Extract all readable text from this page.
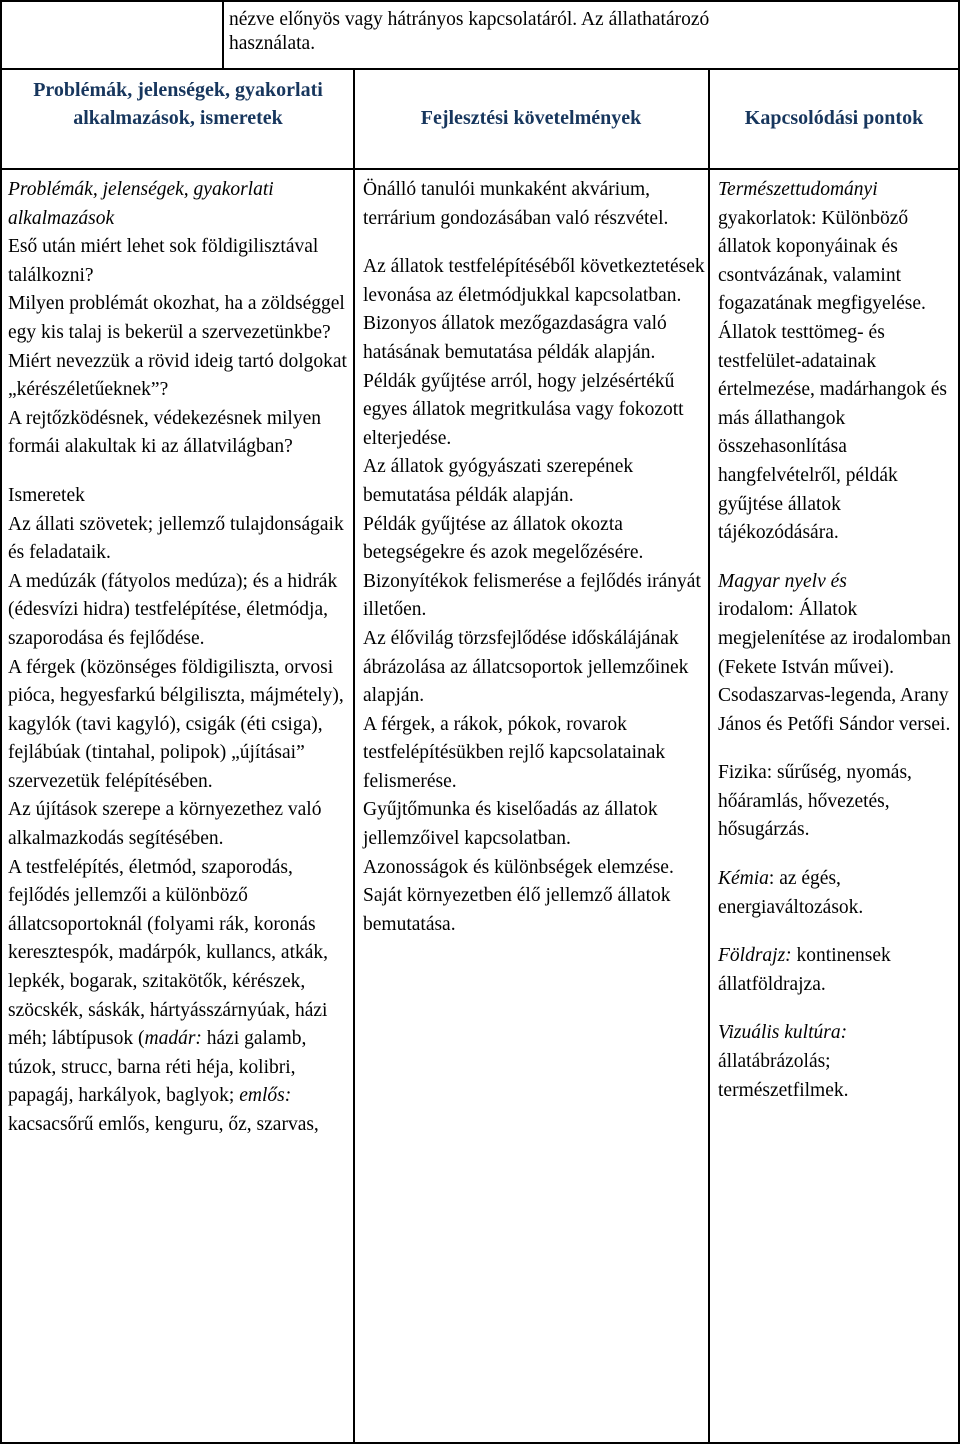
nézve előnyös vagy hátrányos kapcsolatáról. Az állathatározó
használata.
Problémák, jelenségek, gyakorlati alkalmazások, ismeretek	Fejlesztési követelmények	Kapcsolódási pontok

Problémák, jelenségek, gyakorlati alkalmazások

Eső után miért lehet sok földigilisztával találkozni?

Milyen problémát okozhat, ha a zöldséggel egy kis talaj is bekerül a szervezetünkbe?

Miért nevezzük a rövid ideig tartó dolgokat „kérészéletűeknek”?

A rejtőzködésnek, védekezésnek milyen formái alakultak ki az állatvilágban?

Ismeretek

Az állati szövetek; jellemző tulajdonságaik és feladataik.

A medúzák (fátyolos medúza); és a hidrák (édesvízi hidra) testfelépítése, életmódja, szaporodása és fejlődése.

A férgek (közönséges földigiliszta, orvosi pióca, hegyesfarkú bélgiliszta, májmétely), kagylók (tavi kagyló), csigák (éti csiga), fejlábúak (tintahal, polipok) „újításai” szervezetük felépítésében.

Az újítások szerepe a környezethez való alkalmazkodás segítésében.

A testfelépítés, életmód, szaporodás, fejlődés jellemzői a különböző állatcsoportoknál (folyami rák, koronás keresztespók, madárpók, kullancs, atkák, lepkék, bogarak, szitakötők, kérészek, szöcskék, sáskák, hártyásszárnyúak, házi méh; lábtípusok (madár: házi galamb, túzok, strucc, barna réti héja, kolibri, papagáj, harkályok, baglyok; emlős: kacsacsőrű emlős, kenguru, őz, szarvas,

Önálló tanulói munkaként akvárium, terrárium gondozásában való részvétel.

Az állatok testfelépítéséből következtetések levonása az életmódjukkal kapcsolatban.

Bizonyos állatok mezőgazdaságra való hatásának bemutatása példák alapján.

Példák gyűjtése arról, hogy jelzésértékű egyes állatok megritkulása vagy fokozott elterjedése.

Az állatok gyógyászati szerepének bemutatása példák alapján.

Példák gyűjtése az állatok okozta betegségekre és azok megelőzésére.

Bizonyítékok felismerése a fejlődés irányát illetően.

Az élővilág törzsfejlődése időskálájának ábrázolása az állatcsoportok jellemzőinek alapján.

A férgek, a rákok, pókok, rovarok testfelépítésükben rejlő kapcsolatainak felismerése.

Gyűjtőmunka és kiselőadás az állatok jellemzőivel kapcsolatban.

Azonosságok és különbségek elemzése.

Saját környezetben élő jellemző állatok bemutatása.

Természettudományi
gyakorlatok: Különböző állatok koponyáinak és csontvázának, valamint fogazatának megfigyelése. Állatok testtömeg- és testfelület-adatainak értelmezése, madárhangok és más állathangok összehasonlítása hangfelvételről, példák gyűjtése állatok tájékozódására.

Magyar nyelv és
irodalom: Állatok megjelenítése az irodalomban (Fekete István művei). Csodaszarvas-legenda, Arany János és Petőfi Sándor versei.

Fizika: sűrűség, nyomás, hőáramlás, hővezetés, hősugárzás.

Kémia: az égés, energiaváltozások.

Földrajz: kontinensek állatföldrajza.

Vizuális kultúra: állatábrázolás; természetfilmek.
